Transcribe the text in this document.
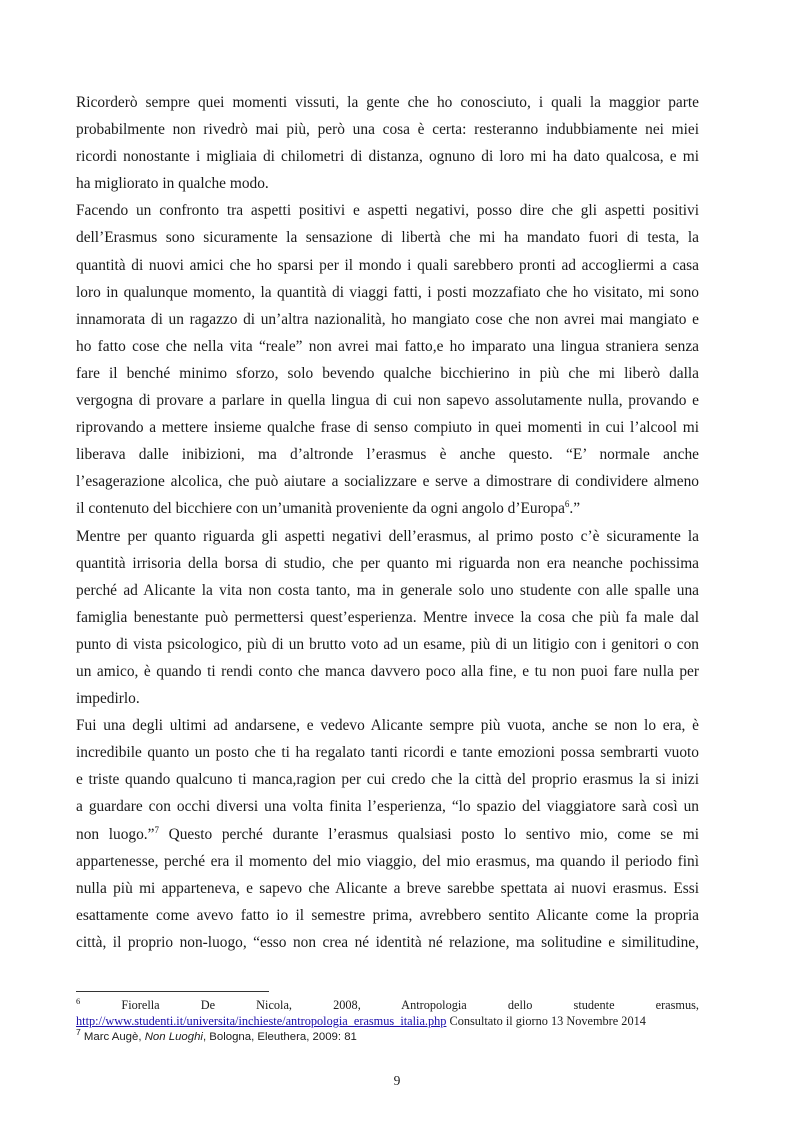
Ricorderò sempre quei momenti vissuti, la gente che ho conosciuto, i quali la maggior parte
probabilmente non rivedrò mai più, però una cosa è certa: resteranno indubbiamente nei miei
ricordi nonostante i migliaia di chilometri di distanza, ognuno di loro mi ha dato qualcosa, e mi
ha migliorato in qualche modo.
Facendo un confronto tra aspetti positivi e aspetti negativi, posso dire che gli aspetti positivi
dell’Erasmus sono sicuramente la sensazione di libertà che mi ha mandato fuori di testa, la
quantità di nuovi amici che ho sparsi per il mondo i quali sarebbero pronti ad accogliermi a casa
loro in qualunque momento, la quantità di viaggi fatti, i posti mozzafiato che ho visitato, mi sono
innamorata di un ragazzo di un’altra nazionalità, ho mangiato cose che non avrei mai mangiato e
ho fatto cose che nella vita “reale” non avrei mai fatto,e ho imparato una lingua straniera senza
fare il benché minimo sforzo, solo bevendo qualche bicchierino in più che mi liberò dalla
vergogna di provare a parlare in quella lingua di cui non sapevo assolutamente nulla, provando e
riprovando a mettere insieme qualche frase di senso compiuto in quei momenti in cui l’alcool mi
liberava dalle inibizioni, ma d’altronde l’erasmus è anche questo. “E’ normale anche
l’esagerazione alcolica, che può aiutare a socializzare e serve a dimostrare di condividere almeno
il contenuto del bicchiere con un’umanità proveniente da ogni angolo d’Europa$^6$.”
Mentre per quanto riguarda gli aspetti negativi dell’erasmus, al primo posto c’è sicuramente la
quantità irrisoria della borsa di studio, che per quanto mi riguarda non era neanche pochissima
perché ad Alicante la vita non costa tanto, ma in generale solo uno studente con alle spalle una
famiglia benestante può permettersi quest’esperienza. Mentre invece la cosa che più fa male dal
punto di vista psicologico, più di un brutto voto ad un esame, più di un litigio con i genitori o con
un amico, è quando ti rendi conto che manca davvero poco alla fine, e tu non puoi fare nulla per
impedirlo.
Fui una degli ultimi ad andarsene, e vedevo Alicante sempre più vuota, anche se non lo era, è
incredibile quanto un posto che ti ha regalato tanti ricordi e tante emozioni possa sembrarti vuoto
e triste quando qualcuno ti manca,ragion per cui credo che la città del proprio erasmus la si inizi
a guardare con occhi diversi una volta finita l’esperienza, “lo spazio del viaggiatore sarà così un
non luogo.”$^7$ Questo perché durante l’erasmus qualsiasi posto lo sentivo mio, come se mi
appartenesse, perché era il momento del mio viaggio, del mio erasmus, ma quando il periodo finì
nulla più mi apparteneva, e sapevo che Alicante a breve sarebbe spettata ai nuovi erasmus. Essi
esattamente come avevo fatto io il semestre prima, avrebbero sentito Alicante come la propria
città, il proprio non-luogo, “esso non crea né identità né relazione, ma solitudine e similitudine,
$^6$	Fiorella De Nicola, 2008, Antropologia dello studente erasmus,
http://www.studenti.it/universita/inchieste/antropologia_erasmus_italia.php Consultato il giorno 13 Novembre 2014
$^7$ Marc Augè, Non Luoghi, Bologna, Eleuthera, 2009: 81
9
